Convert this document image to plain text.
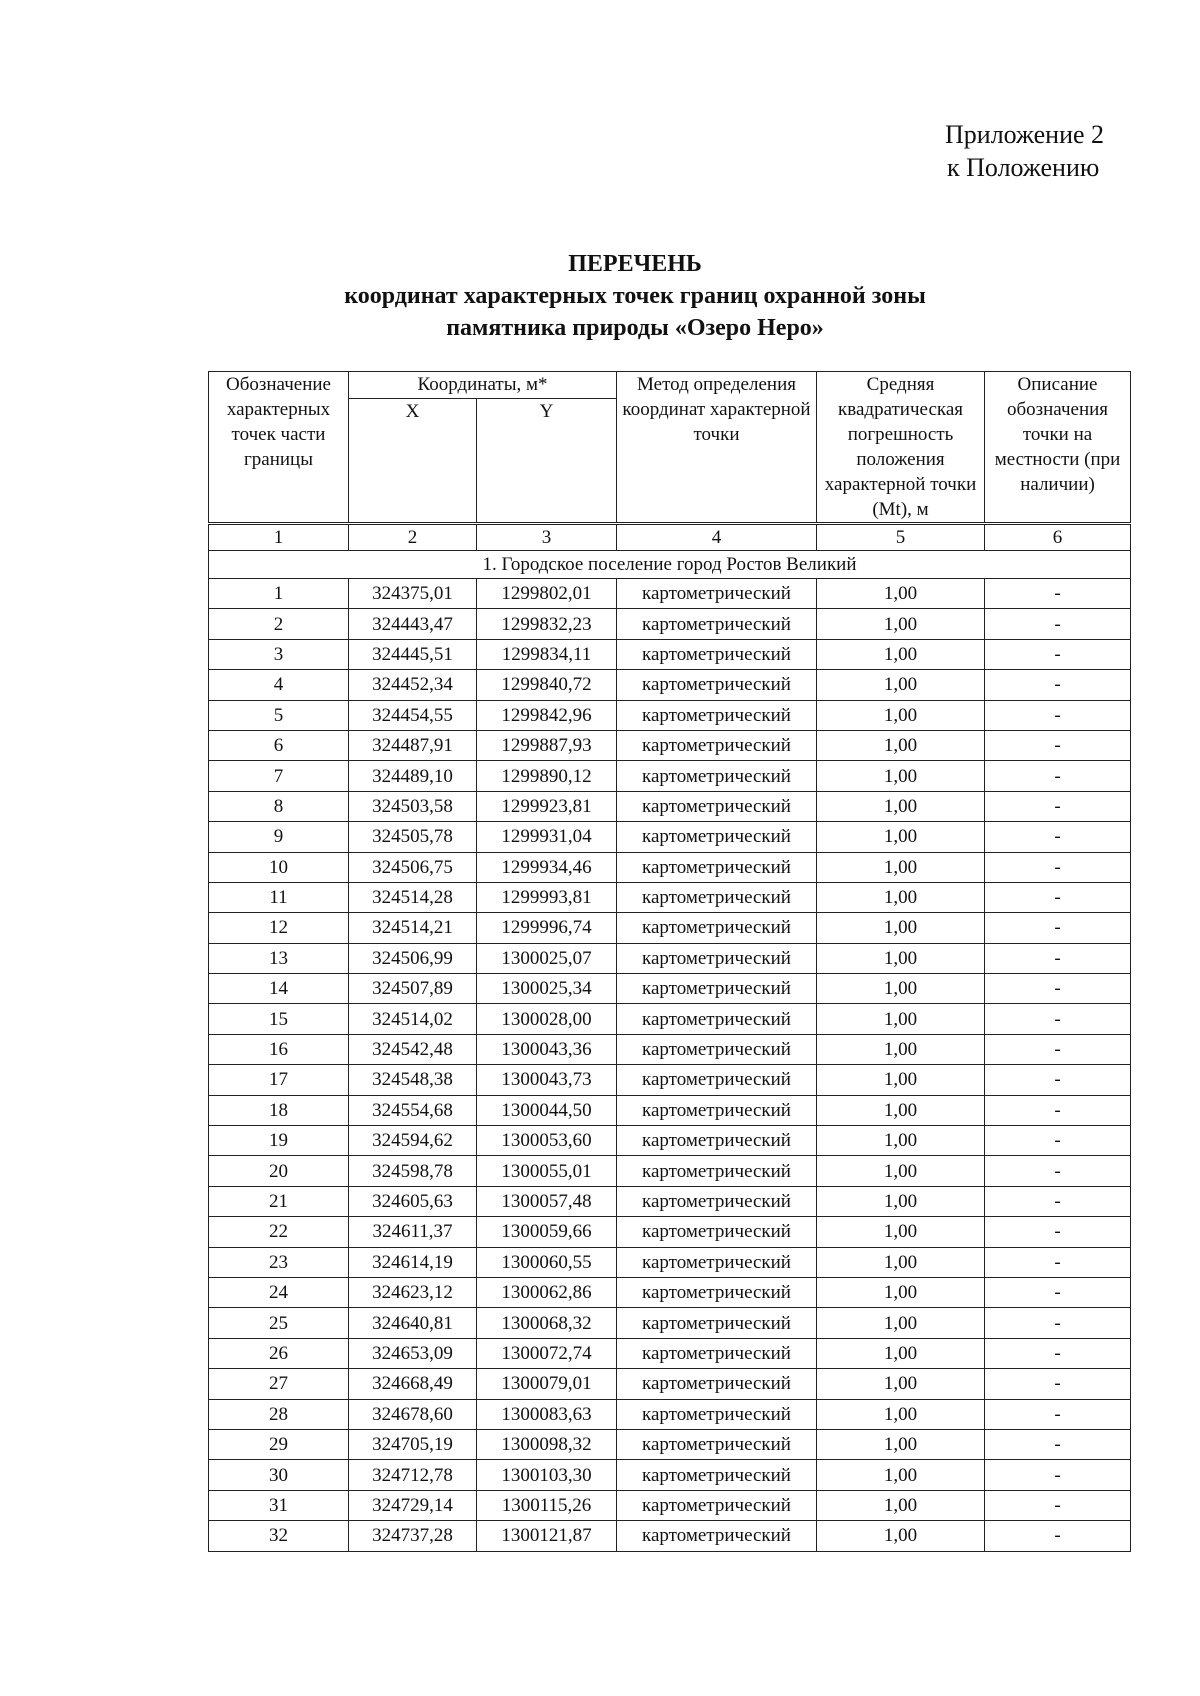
Приложение 2
к Положению
ПЕРЕЧЕНЬ
координат характерных точек границ охранной зоны
памятника природы «Озеро Неро»
Обозначение характерных точек части границы	Координаты, м*		Метод определения координат характерной точки	Средняя квадратическая погрешность положения характерной точки (Mt), м	Описание обозначения точки на местности (при наличии)
	X	Y			
1	2	3	4	5	6
1. Городское поселение город Ростов Великий					
1	324375,01	1299802,01	картометрический	1,00	-
2	324443,47	1299832,23	картометрический	1,00	-
3	324445,51	1299834,11	картометрический	1,00	-
4	324452,34	1299840,72	картометрический	1,00	-
5	324454,55	1299842,96	картометрический	1,00	-
6	324487,91	1299887,93	картометрический	1,00	-
7	324489,10	1299890,12	картометрический	1,00	-
8	324503,58	1299923,81	картометрический	1,00	-
9	324505,78	1299931,04	картометрический	1,00	-
10	324506,75	1299934,46	картометрический	1,00	-
11	324514,28	1299993,81	картометрический	1,00	-
12	324514,21	1299996,74	картометрический	1,00	-
13	324506,99	1300025,07	картометрический	1,00	-
14	324507,89	1300025,34	картометрический	1,00	-
15	324514,02	1300028,00	картометрический	1,00	-
16	324542,48	1300043,36	картометрический	1,00	-
17	324548,38	1300043,73	картометрический	1,00	-
18	324554,68	1300044,50	картометрический	1,00	-
19	324594,62	1300053,60	картометрический	1,00	-
20	324598,78	1300055,01	картометрический	1,00	-
21	324605,63	1300057,48	картометрический	1,00	-
22	324611,37	1300059,66	картометрический	1,00	-
23	324614,19	1300060,55	картометрический	1,00	-
24	324623,12	1300062,86	картометрический	1,00	-
25	324640,81	1300068,32	картометрический	1,00	-
26	324653,09	1300072,74	картометрический	1,00	-
27	324668,49	1300079,01	картометрический	1,00	-
28	324678,60	1300083,63	картометрический	1,00	-
29	324705,19	1300098,32	картометрический	1,00	-
30	324712,78	1300103,30	картометрический	1,00	-
31	324729,14	1300115,26	картометрический	1,00	-
32	324737,28	1300121,87	картометрический	1,00	-
